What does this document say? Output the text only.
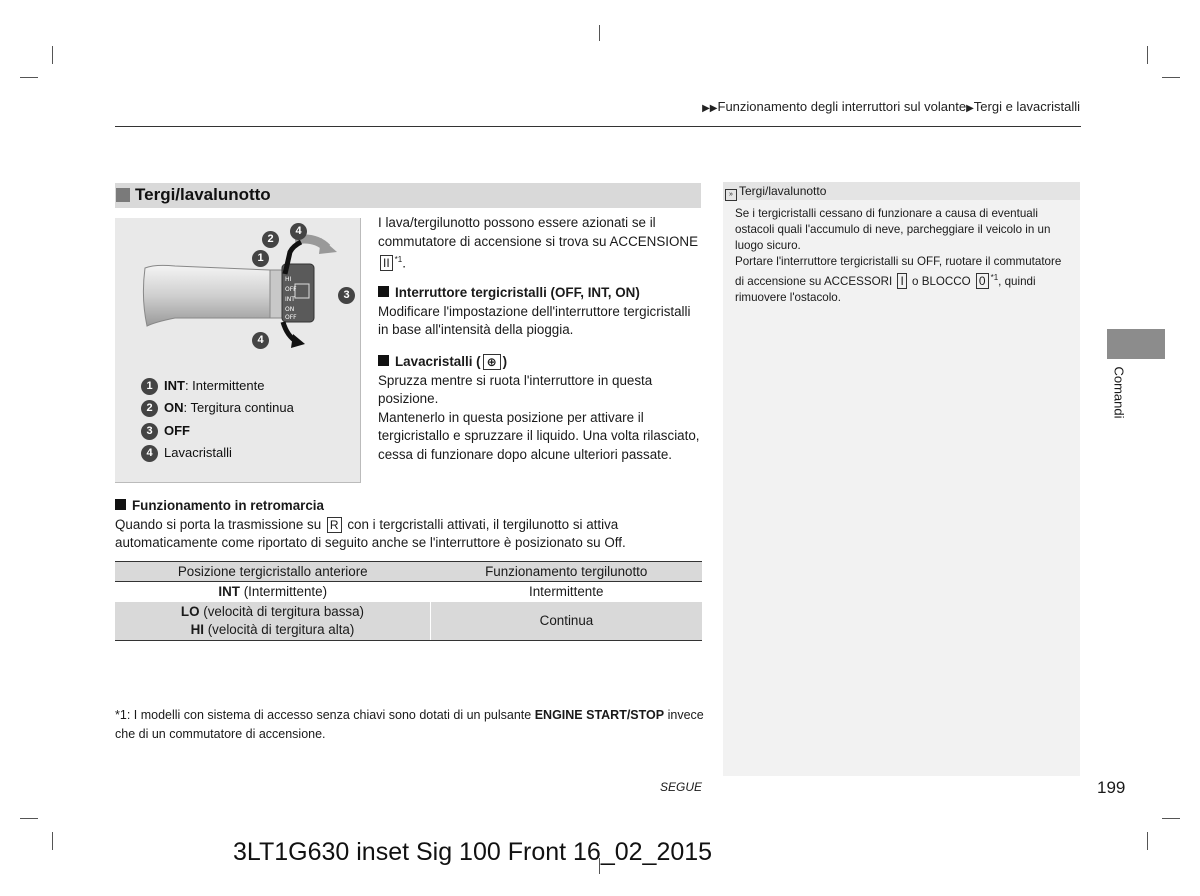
▶▶Funzionamento degli interruttori sul volante▶Tergi e lavacristalli
Tergi/lavalunotto
HI
OFF
INT
ON
OFF
1
2
3
4
4
1 INT: Intermittente
2 ON: Tergitura continua
3 OFF
4 Lavacristalli
I lava/tergilunotto possono essere azionati se il commutatore di accensione si trova su ACCENSIONE II $^{*1}$.
Interruttore tergicristalli (OFF, INT, ON)
Modificare l'impostazione dell'interruttore tergicristalli in base all'intensità della pioggia.
Lavacristalli ( ⊕ )
Spruzza mentre si ruota l'interruttore in questa posizione.
Mantenerlo in questa posizione per attivare il tergicristallo e spruzzare il liquido. Una volta rilasciato, cessa di funzionare dopo alcune ulteriori passate.
Funzionamento in retromarcia
Quando si porta la trasmissione su R con i tergcristalli attivati, il tergilunotto si attiva automaticamente come riportato di seguito anche se l'interruttore è posizionato su Off.
Posizione tergicristallo anteriore	Funzionamento tergilunotto
INT (Intermittente)	Intermittente

LO (velocità di tergitura bassa)
HI (velocità di tergitura alta)	Continua
*1: I modelli con sistema di accesso senza chiavi sono dotati di un pulsante ENGINE START/STOP invece che di un commutatore di accensione.
» Tergi/lavalunotto
Se i tergicristalli cessano di funzionare a causa di eventuali ostacoli quali l'accumulo di neve, parcheggiare il veicolo in un luogo sicuro.
Portare l'interruttore tergicristalli su OFF, ruotare il commutatore di accensione su ACCESSORI I o BLOCCO 0 $^{*1}$, quindi rimuovere l'ostacolo.
Comandi
SEGUE	199
3LT1G630 inset Sig 100 Front 16_02_2015
